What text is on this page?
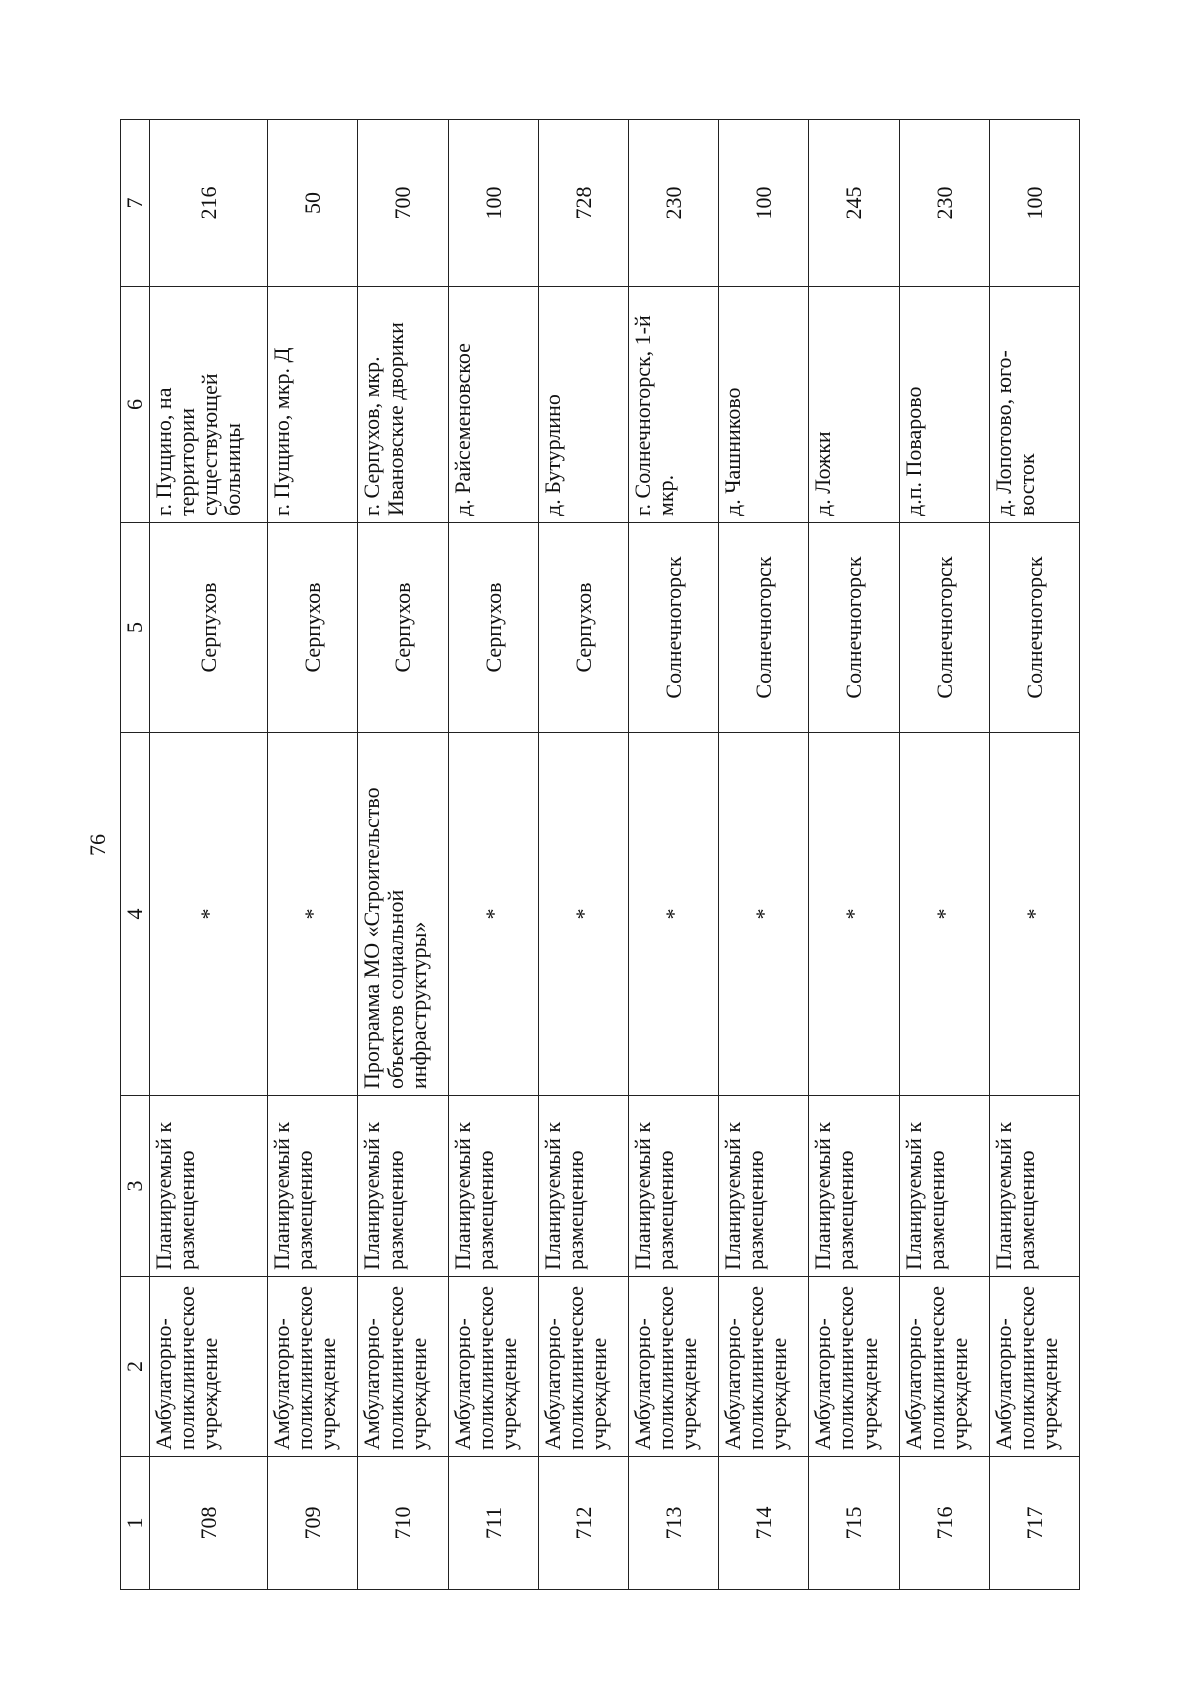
76
1	2	3	4	5	6	7
708	Амбулаторно-поликлиническое учреждение	Планируемый к размещению	*	Серпухов	г. Пущино, на территории существующей больницы	216
709	Амбулаторно-поликлиническое учреждение	Планируемый к размещению	*	Серпухов	г. Пущино, мкр. Д	50
710	Амбулаторно-поликлиническое учреждение	Планируемый к размещению	Программа МО «Строительство объектов социальной инфраструктуры»	Серпухов	г. Серпухов, мкр. Ивановские дворики	700
711	Амбулаторно-поликлиническое учреждение	Планируемый к размещению	*	Серпухов	д. Райсеменовское	100
712	Амбулаторно-поликлиническое учреждение	Планируемый к размещению	*	Серпухов	д. Бутурлино	728
713	Амбулаторно-поликлиническое учреждение	Планируемый к размещению	*	Солнечногорск	г. Солнечногорск, 1-й мкр.	230
714	Амбулаторно-поликлиническое учреждение	Планируемый к размещению	*	Солнечногорск	д. Чашниково	100
715	Амбулаторно-поликлиническое учреждение	Планируемый к размещению	*	Солнечногорск	д. Ложки	245
716	Амбулаторно-поликлиническое учреждение	Планируемый к размещению	*	Солнечногорск	д.п. Поварово	230
717	Амбулаторно-поликлиническое учреждение	Планируемый к размещению	*	Солнечногорск	д. Лопотово, юго-восток	100
